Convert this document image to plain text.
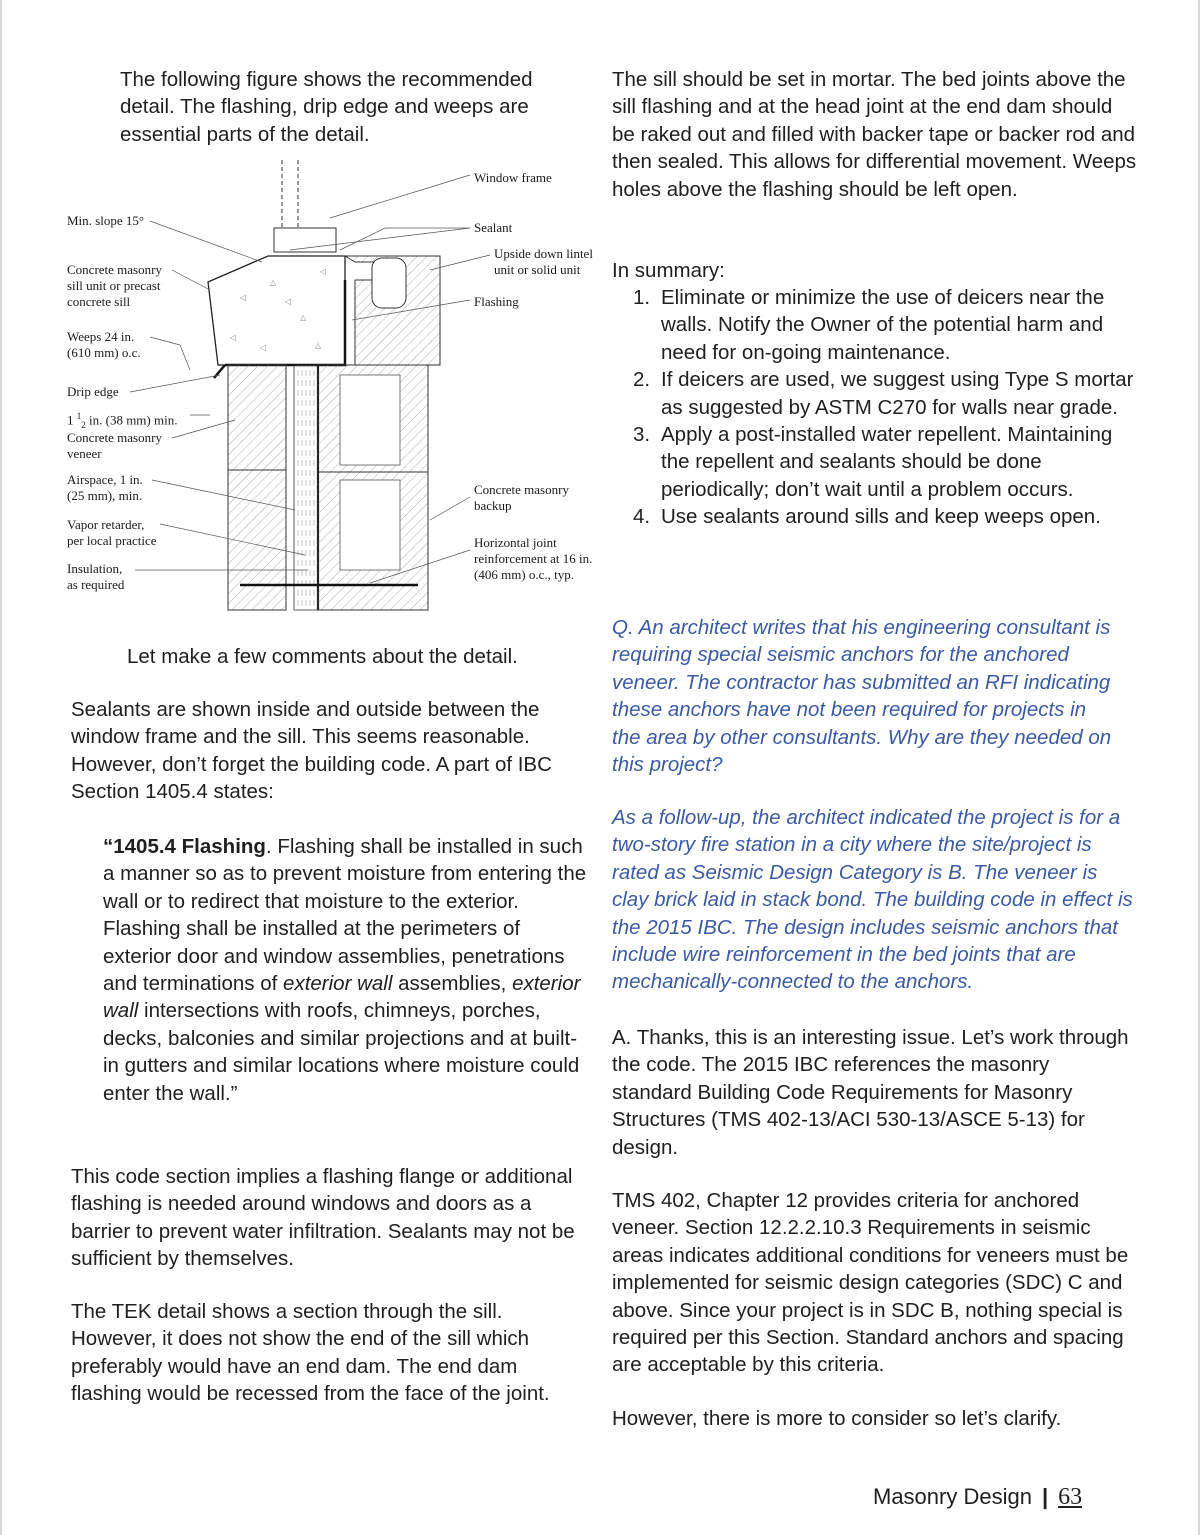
The following figure shows the recommended detail. The flashing, drip edge and weeps are essential parts of the detail.

◁
△
◁
◁
△
◁	△
◁
Min. slope 15°
Concrete masonry
sill unit or precast
concrete sill
Weeps 24 in.
(610 mm) o.c.
Drip edge
1 $^1_2$ in. (38 mm) min.
Concrete masonry
veneer
Airspace, 1 in.
(25 mm), min.
Vapor retarder,
per local practice
Insulation,
as required
Window frame
Sealant
Upside down lintel
unit or solid unit
Flashing
Concrete masonry
backup
Horizontal joint
reinforcement at 16 in.
(406 mm) o.c., typ.

Let make a few comments about the detail.

Sealants are shown inside and outside between the window frame and the sill. This seems reasonable. However, don’t forget the building code. A part of IBC Section 1405.4 states:

“1405.4 Flashing. Flashing shall be installed in such a manner so as to prevent moisture from entering the wall or to redirect that moisture to the exterior. Flashing shall be installed at the perimeters of exterior door and window assemblies, penetrations and terminations of exterior wall assemblies, exterior wall intersections with roofs, chimneys, porches, decks, balconies and similar projections and at built-in gutters and similar locations where moisture could enter the wall.”

This code section implies a flashing flange or additional flashing is needed around windows and doors as a barrier to prevent water infiltration. Sealants may not be sufficient by themselves.

The TEK detail shows a section through the sill. However, it does not show the end of the sill which preferably would have an end dam. The end dam flashing would be recessed from the face of the joint.

The sill should be set in mortar. The bed joints above the sill flashing and at the head joint at the end dam should be raked out and filled with backer tape or backer rod and then sealed. This allows for differential movement. Weeps holes above the flashing should be left open.

In summary:

1. Eliminate or minimize the use of deicers near the walls. Notify the Owner of the potential harm and need for on-going maintenance.
2. If deicers are used, we suggest using Type S mortar as suggested by ASTM C270 for walls near grade.
3. Apply a post-installed water repellent. Maintaining the repellent and sealants should be done periodically; don’t wait until a problem occurs.
4. Use sealants around sills and keep weeps open.

Q. An architect writes that his engineering consultant is requiring special seismic anchors for the anchored veneer. The contractor has submitted an RFI indicating these anchors have not been required for projects in the area by other consultants. Why are they needed on this project?

As a follow-up, the architect indicated the project is for a two-story fire station in a city where the site/project is rated as Seismic Design Category is B. The veneer is clay brick laid in stack bond. The building code in effect is the 2015 IBC. The design includes seismic anchors that include wire reinforcement in the bed joints that are mechanically-connected to the anchors.

A. Thanks, this is an interesting issue. Let’s work through the code. The 2015 IBC references the masonry standard Building Code Requirements for Masonry Structures (TMS 402-13/ACI 530-13/ASCE 5-13) for design.

TMS 402, Chapter 12 provides criteria for anchored veneer. Section 12.2.2.10.3 Requirements in seismic areas indicates additional conditions for veneers must be implemented for seismic design categories (SDC) C and above. Since your project is in SDC B, nothing special is required per this Section. Standard anchors and spacing are acceptable by this criteria.

However, there is more to consider so let’s clarify.

Masonry Design | 63
